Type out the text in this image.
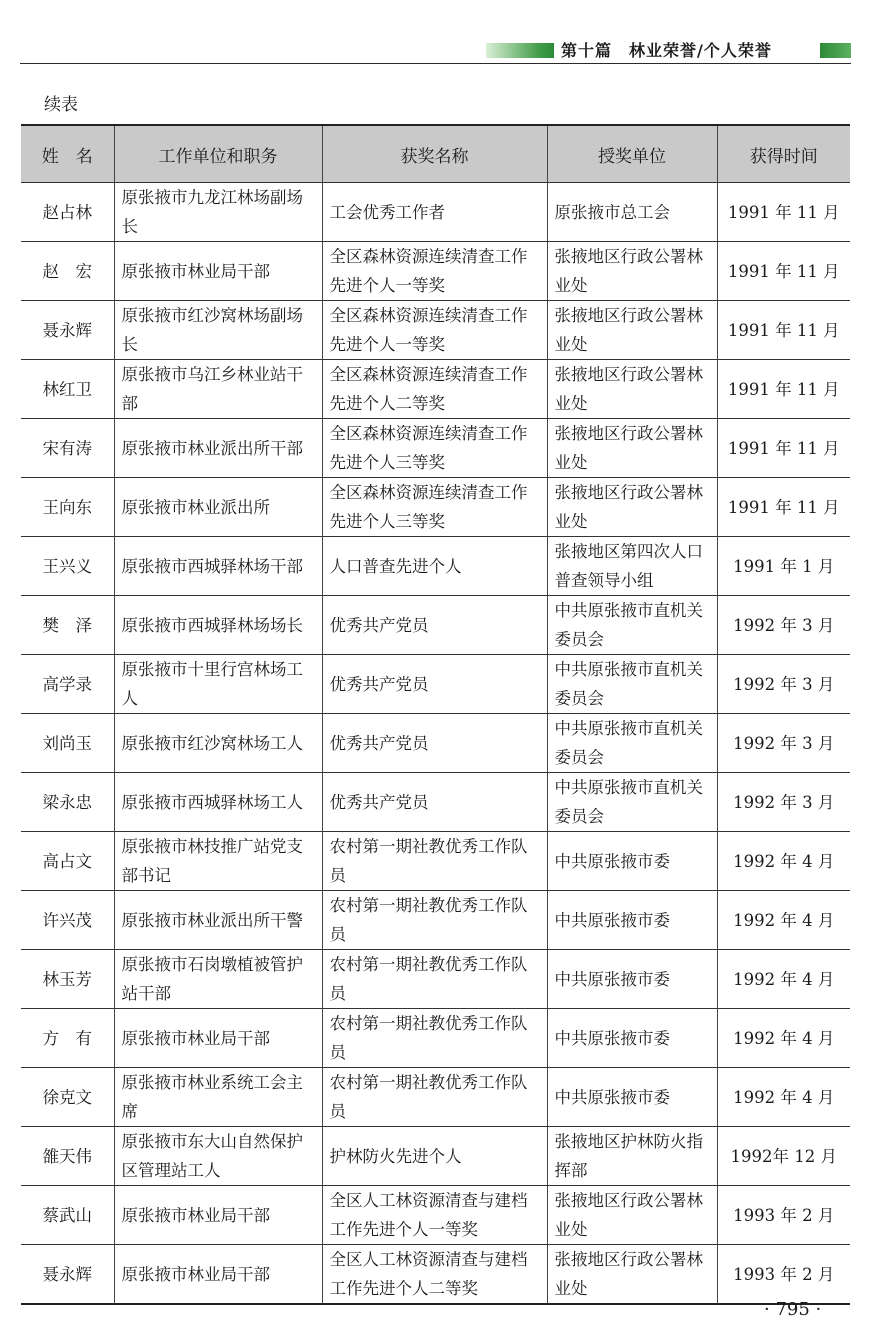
第十篇　林业荣誉/个人荣誉
续表
姓　名	工作单位和职务	获奖名称	授奖单位	获得时间
赵占林	原张掖市九龙江林场副场长	工会优秀工作者	原张掖市总工会	1991 年 11 月
赵　宏	原张掖市林业局干部	全区森林资源连续清查工作先进个人一等奖	张掖地区行政公署林业处	1991 年 11 月
聂永辉	原张掖市红沙窝林场副场长	全区森林资源连续清查工作先进个人一等奖	张掖地区行政公署林业处	1991 年 11 月
林红卫	原张掖市乌江乡林业站干部	全区森林资源连续清查工作先进个人二等奖	张掖地区行政公署林业处	1991 年 11 月
宋有涛	原张掖市林业派出所干部	全区森林资源连续清查工作先进个人三等奖	张掖地区行政公署林业处	1991 年 11 月
王向东	原张掖市林业派出所	全区森林资源连续清查工作先进个人三等奖	张掖地区行政公署林业处	1991 年 11 月
王兴义	原张掖市西城驿林场干部	人口普查先进个人	张掖地区第四次人口普查领导小组	1991 年 1 月
樊　泽	原张掖市西城驿林场场长	优秀共产党员	中共原张掖市直机关委员会	1992 年 3 月
高学录	原张掖市十里行宫林场工人	优秀共产党员	中共原张掖市直机关委员会	1992 年 3 月
刘尚玉	原张掖市红沙窝林场工人	优秀共产党员	中共原张掖市直机关委员会	1992 年 3 月
梁永忠	原张掖市西城驿林场工人	优秀共产党员	中共原张掖市直机关委员会	1992 年 3 月
高占文	原张掖市林技推广站党支部书记	农村第一期社教优秀工作队员	中共原张掖市委	1992 年 4 月
许兴茂	原张掖市林业派出所干警	农村第一期社教优秀工作队员	中共原张掖市委	1992 年 4 月
林玉芳	原张掖市石岗墩植被管护站干部	农村第一期社教优秀工作队员	中共原张掖市委	1992 年 4 月
方　有	原张掖市林业局干部	农村第一期社教优秀工作队员	中共原张掖市委	1992 年 4 月
徐克文	原张掖市林业系统工会主席	农村第一期社教优秀工作队员	中共原张掖市委	1992 年 4 月
雒天伟	原张掖市东大山自然保护区管理站工人	护林防火先进个人	张掖地区护林防火指挥部	1992年 12 月
蔡武山	原张掖市林业局干部	全区人工林资源清查与建档工作先进个人一等奖	张掖地区行政公署林业处	1993 年 2 月
聂永辉	原张掖市林业局干部	全区人工林资源清查与建档工作先进个人二等奖	张掖地区行政公署林业处	1993 年 2 月
· 795 ·
